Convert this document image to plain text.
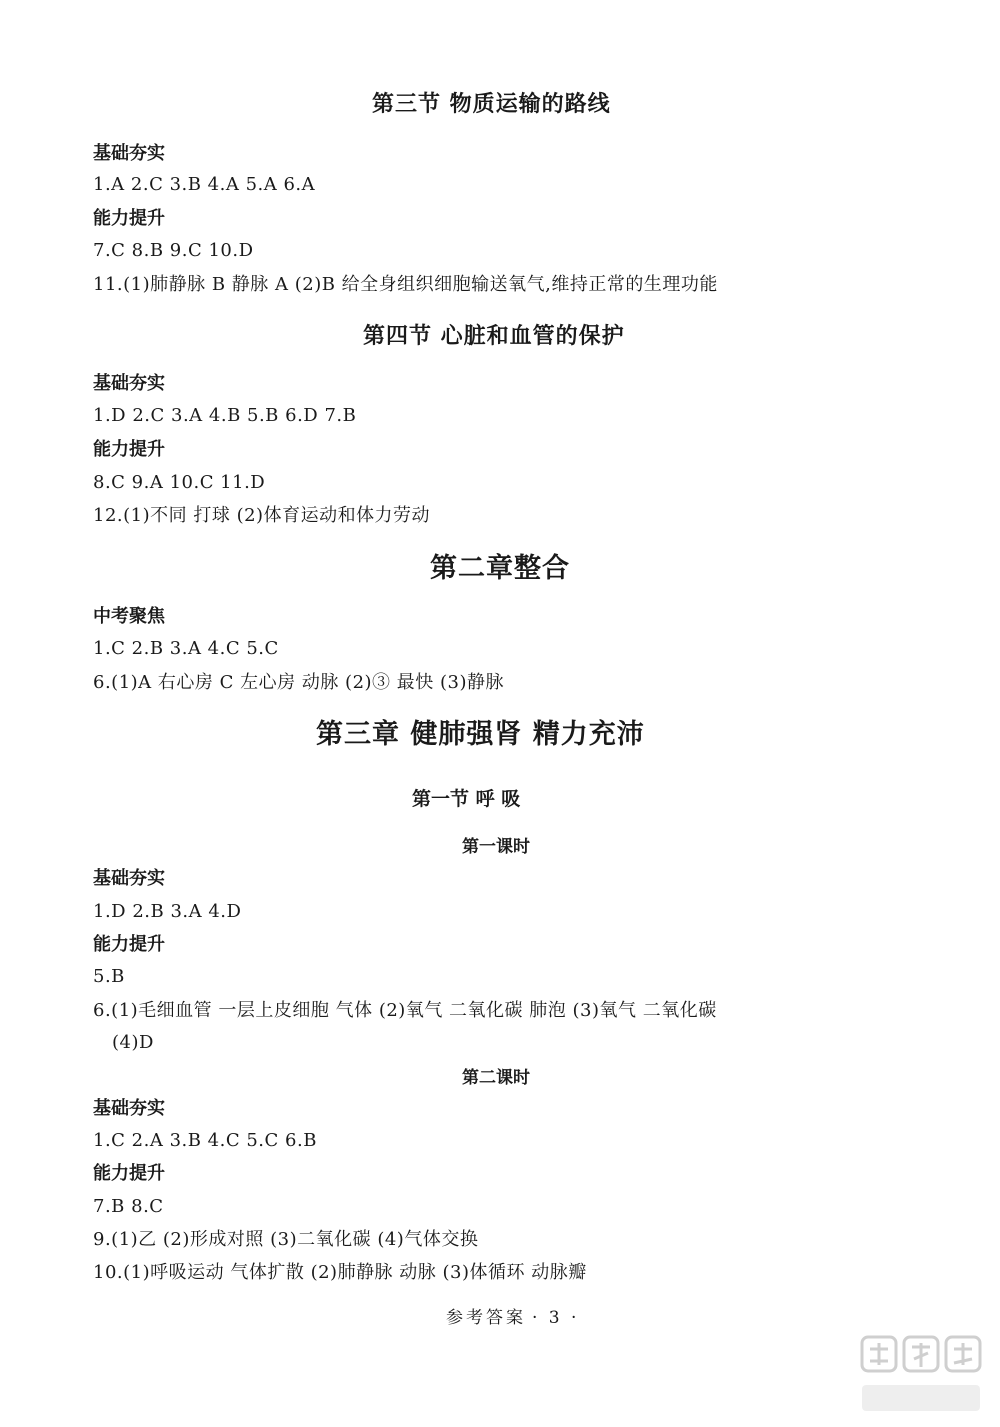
第三节 物质运输的路线
基础夯实
1.A 2.C 3.B 4.A 5.A 6.A
能力提升
7.C 8.B 9.C 10.D
11.(1)肺静脉 B 静脉 A (2)B 给全身组织细胞输送氧气,维持正常的生理功能
第四节 心脏和血管的保护
基础夯实
1.D 2.C 3.A 4.B 5.B 6.D 7.B
能力提升
8.C 9.A 10.C 11.D
12.(1)不同 打球 (2)体育运动和体力劳动
第二章整合
中考聚焦
1.C 2.B 3.A 4.C 5.C
6.(1)A 右心房 C 左心房 动脉 (2)③ 最快 (3)静脉
第三章 健肺强肾 精力充沛
第一节 呼 吸
第一课时
基础夯实
1.D 2.B 3.A 4.D
能力提升
5.B
6.(1)毛细血管 一层上皮细胞 气体 (2)氧气 二氧化碳 肺泡 (3)氧气 二氧化碳
(4)D
第二课时
基础夯实
1.C 2.A 3.B 4.C 5.C 6.B
能力提升
7.B 8.C
9.(1)乙 (2)形成对照 (3)二氧化碳 (4)气体交换
10.(1)呼吸运动 气体扩散 (2)肺静脉 动脉 (3)体循环 动脉瓣
参考答案 · 3 ·
